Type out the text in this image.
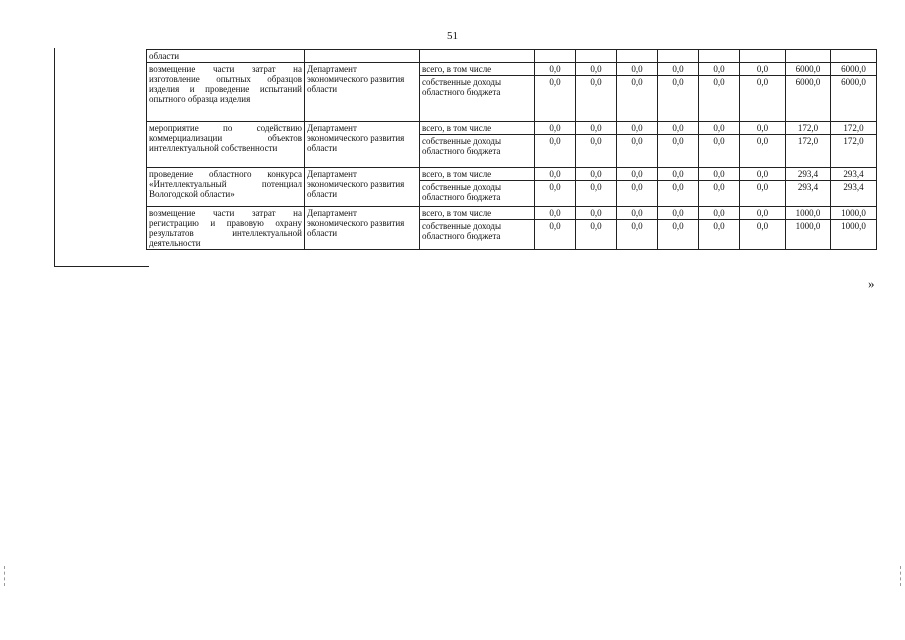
51
области										
возмещение части затрат на изготовление опытных образцов изделия и проведение испытаний опытного образца изделия	Департамент экономического развития области	всего, в том числе	0,0	0,0	0,0	0,0	0,0	0,0	6000,0	6000,0
		собственные доходы областного бюджета	0,0	0,0	0,0	0,0	0,0	0,0	6000,0	6000,0
мероприятие по содействию коммерциализации объектов интеллектуальной собственности	Департамент экономического развития области	всего, в том числе	0,0	0,0	0,0	0,0	0,0	0,0	172,0	172,0
		собственные доходы областного бюджета	0,0	0,0	0,0	0,0	0,0	0,0	172,0	172,0
проведение областного конкурса «Интеллектуальный потенциал Вологодской области»	Департамент экономического развития области	всего, в том числе	0,0	0,0	0,0	0,0	0,0	0,0	293,4	293,4
		собственные доходы областного бюджета	0,0	0,0	0,0	0,0	0,0	0,0	293,4	293,4
возмещение части затрат на регистрацию и правовую охрану результатов интеллектуальной деятельности	Департамент экономического развития области	всего, в том числе	0,0	0,0	0,0	0,0	0,0	0,0	1000,0	1000,0
		собственные доходы областного бюджета	0,0	0,0	0,0	0,0	0,0	0,0	1000,0	1000,0
»
